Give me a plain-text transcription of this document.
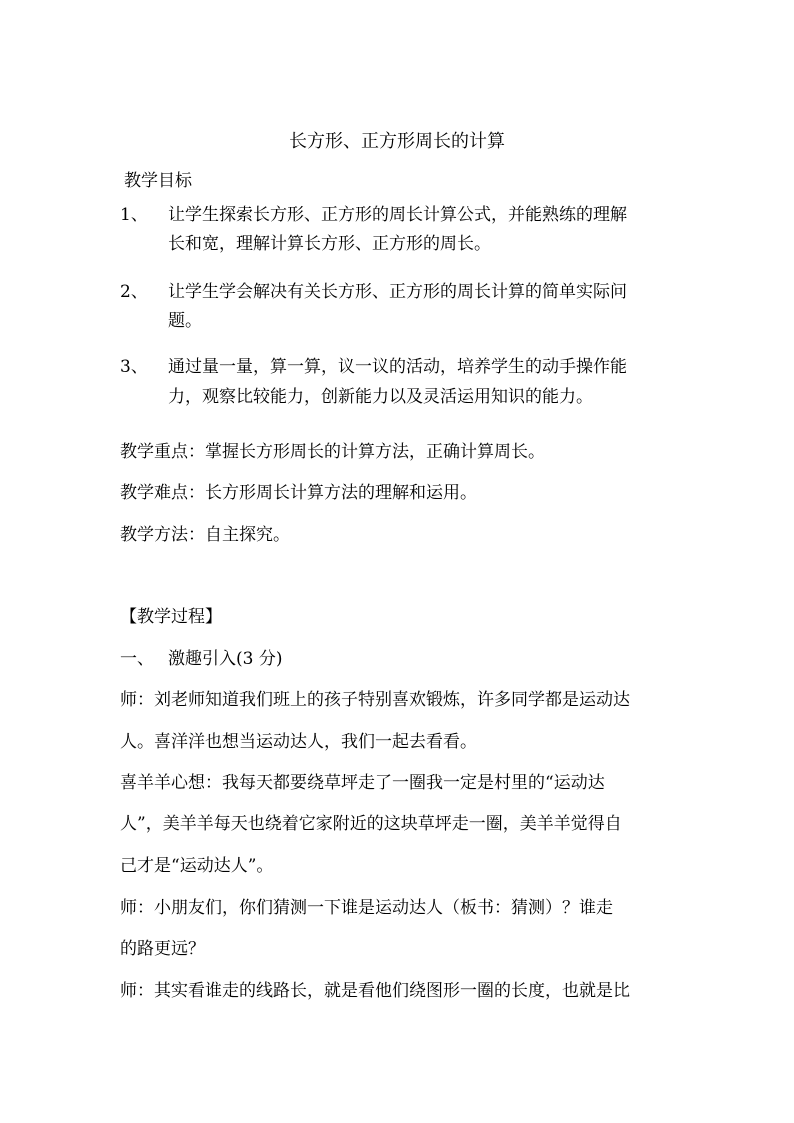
长方形、正方形周长的计算
教学目标
1、 让学生探索长方形、正方形的周长计算公式，并能熟练的理解
长和宽，理解计算长方形、正方形的周长。
2、 让学生学会解决有关长方形、正方形的周长计算的简单实际问
题。
3、 通过量一量，算一算，议一议的活动，培养学生的动手操作能
力，观察比较能力，创新能力以及灵活运用知识的能力。
教学重点：掌握长方形周长的计算方法，正确计算周长。
教学难点：长方形周长计算方法的理解和运用。
教学方法：自主探究。
【教学过程】
一、 激趣引入(3 分)
师：刘老师知道我们班上的孩子特别喜欢锻炼，许多同学都是运动达
人。喜洋洋也想当运动达人，我们一起去看看。
喜羊羊心想：我每天都要绕草坪走了一圈我一定是村里的“运动达
人”，美羊羊每天也绕着它家附近的这块草坪走一圈，美羊羊觉得自
己才是“运动达人”。
师：小朋友们，你们猜测一下谁是运动达人（板书：猜测）？谁走
的路更远？
师：其实看谁走的线路长，就是看他们绕图形一圈的长度，也就是比
